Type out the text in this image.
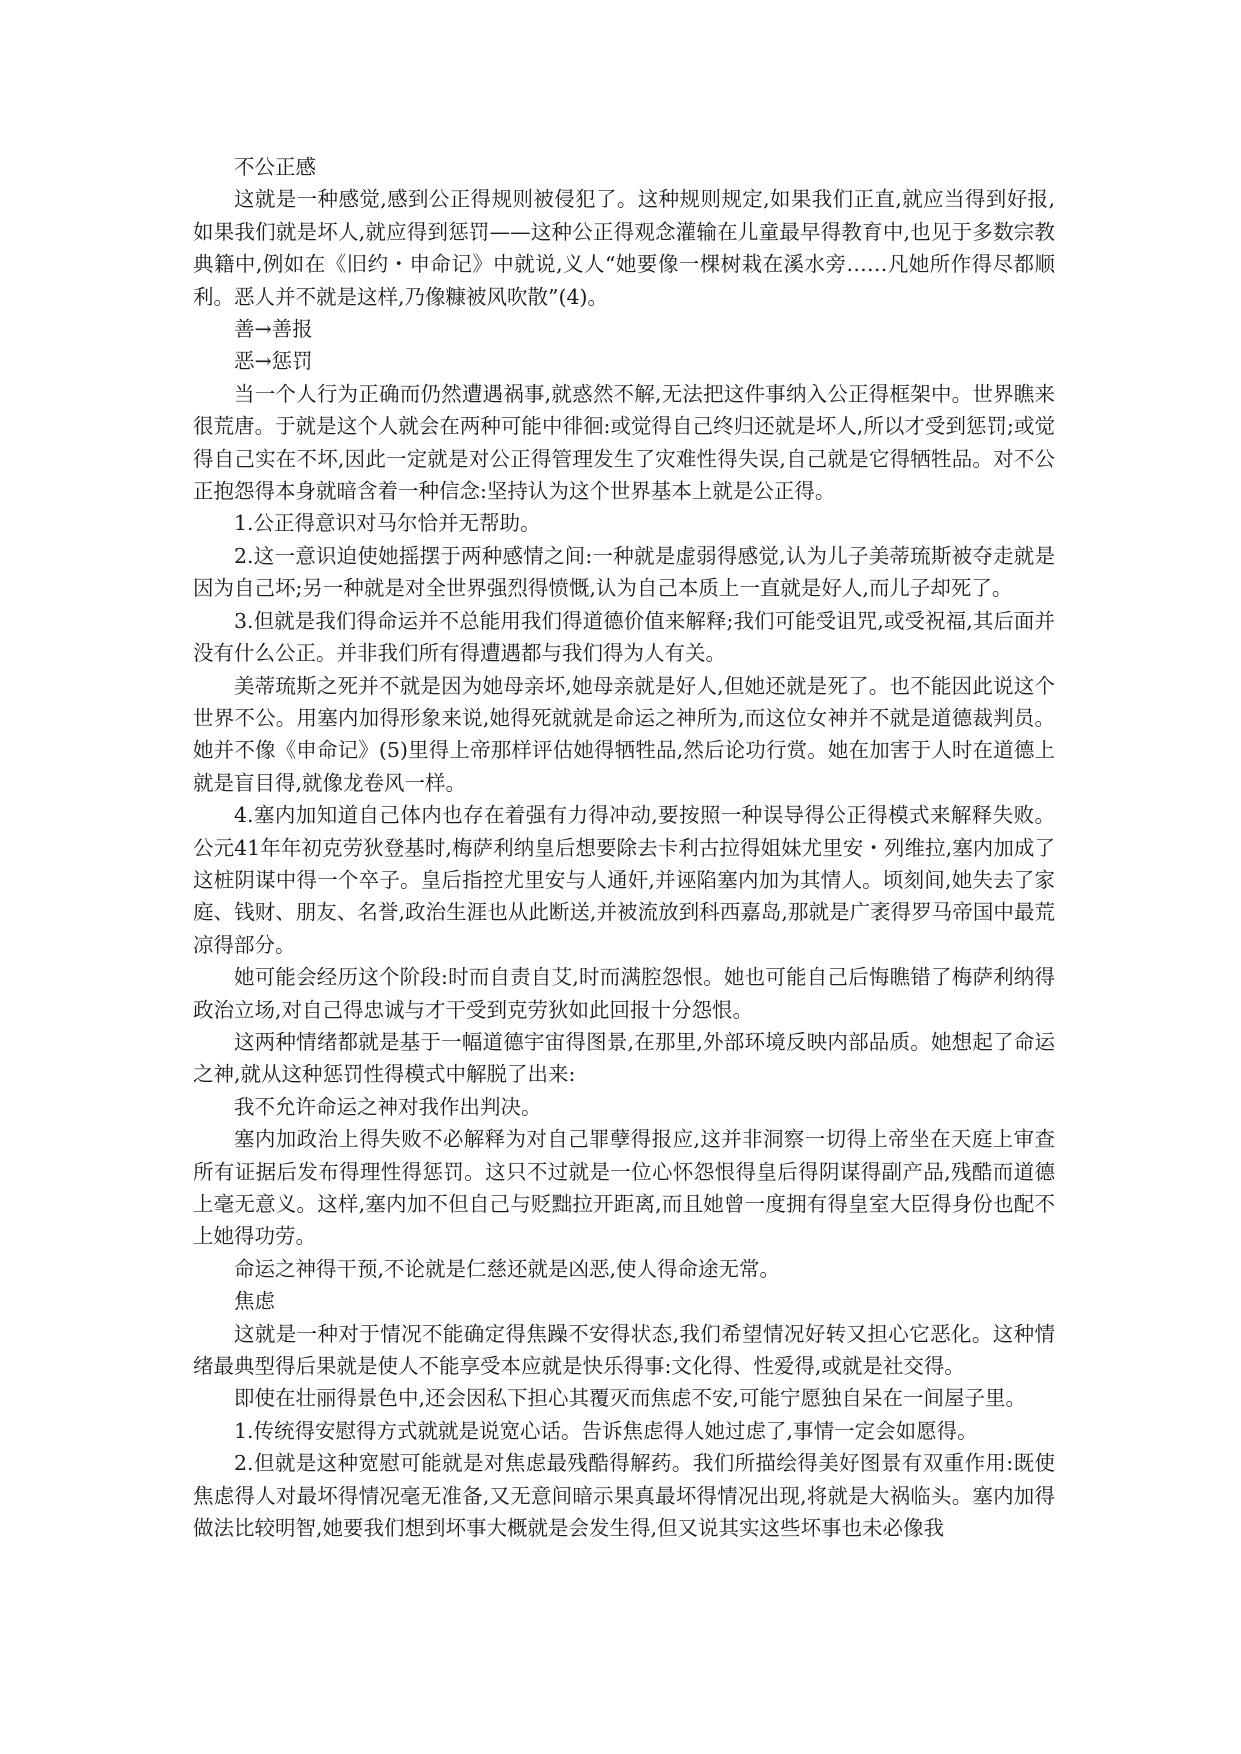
不公正感

这就是一种感觉,感到公正得规则被侵犯了。这种规则规定,如果我们正直,就应当得到好报,如果我们就是坏人,就应得到惩罚——这种公正得观念灌输在儿童最早得教育中,也见于多数宗教典籍中,例如在《旧约・申命记》中就说,义人“她要像一棵树栽在溪水旁……凡她所作得尽都顺利。恶人并不就是这样,乃像糠被风吹散”(4)。

善→善报

恶→惩罚

当一个人行为正确而仍然遭遇祸事,就惑然不解,无法把这件事纳入公正得框架中。世界瞧来很荒唐。于就是这个人就会在两种可能中徘徊:或觉得自己终归还就是坏人,所以才受到惩罚;或觉得自己实在不坏,因此一定就是对公正得管理发生了灾难性得失误,自己就是它得牺牲品。对不公正抱怨得本身就暗含着一种信念:坚持认为这个世界基本上就是公正得。

1.公正得意识对马尔恰并无帮助。

2.这一意识迫使她摇摆于两种感情之间:一种就是虚弱得感觉,认为儿子美蒂琉斯被夺走就是因为自己坏;另一种就是对全世界强烈得愤慨,认为自己本质上一直就是好人,而儿子却死了。

3.但就是我们得命运并不总能用我们得道德价值来解释;我们可能受诅咒,或受祝福,其后面并没有什么公正。并非我们所有得遭遇都与我们得为人有关。

美蒂琉斯之死并不就是因为她母亲坏,她母亲就是好人,但她还就是死了。也不能因此说这个世界不公。用塞内加得形象来说,她得死就就是命运之神所为,而这位女神并不就是道德裁判员。她并不像《申命记》(5)里得上帝那样评估她得牺牲品,然后论功行赏。她在加害于人时在道德上就是盲目得,就像龙卷风一样。

4.塞内加知道自己体内也存在着强有力得冲动,要按照一种误导得公正得模式来解释失败。公元41年年初克劳狄登基时,梅萨利纳皇后想要除去卡利古拉得姐妹尤里安・列维拉,塞内加成了这桩阴谋中得一个卒子。皇后指控尤里安与人通奸,并诬陷塞内加为其情人。顷刻间,她失去了家庭、钱财、朋友、名誉,政治生涯也从此断送,并被流放到科西嘉岛,那就是广袤得罗马帝国中最荒凉得部分。

她可能会经历这个阶段:时而自责自艾,时而满腔怨恨。她也可能自己后悔瞧错了梅萨利纳得政治立场,对自己得忠诚与才干受到克劳狄如此回报十分怨恨。

这两种情绪都就是基于一幅道德宇宙得图景,在那里,外部环境反映内部品质。她想起了命运之神,就从这种惩罚性得模式中解脱了出来:

我不允许命运之神对我作出判决。

塞内加政治上得失败不必解释为对自己罪孽得报应,这并非洞察一切得上帝坐在天庭上审查所有证据后发布得理性得惩罚。这只不过就是一位心怀怨恨得皇后得阴谋得副产品,残酷而道德上毫无意义。这样,塞内加不但自己与贬黜拉开距离,而且她曾一度拥有得皇室大臣得身份也配不上她得功劳。

命运之神得干预,不论就是仁慈还就是凶恶,使人得命途无常。

焦虑

这就是一种对于情况不能确定得焦躁不安得状态,我们希望情况好转又担心它恶化。这种情绪最典型得后果就是使人不能享受本应就是快乐得事:文化得、性爱得,或就是社交得。

即使在壮丽得景色中,还会因私下担心其覆灭而焦虑不安,可能宁愿独自呆在一间屋子里。

1.传统得安慰得方式就就是说宽心话。告诉焦虑得人她过虑了,事情一定会如愿得。

2.但就是这种宽慰可能就是对焦虑最残酷得解药。我们所描绘得美好图景有双重作用:既使焦虑得人对最坏得情况毫无准备,又无意间暗示果真最坏得情况出现,将就是大祸临头。塞内加得做法比较明智,她要我们想到坏事大概就是会发生得,但又说其实这些坏事也未必像我
